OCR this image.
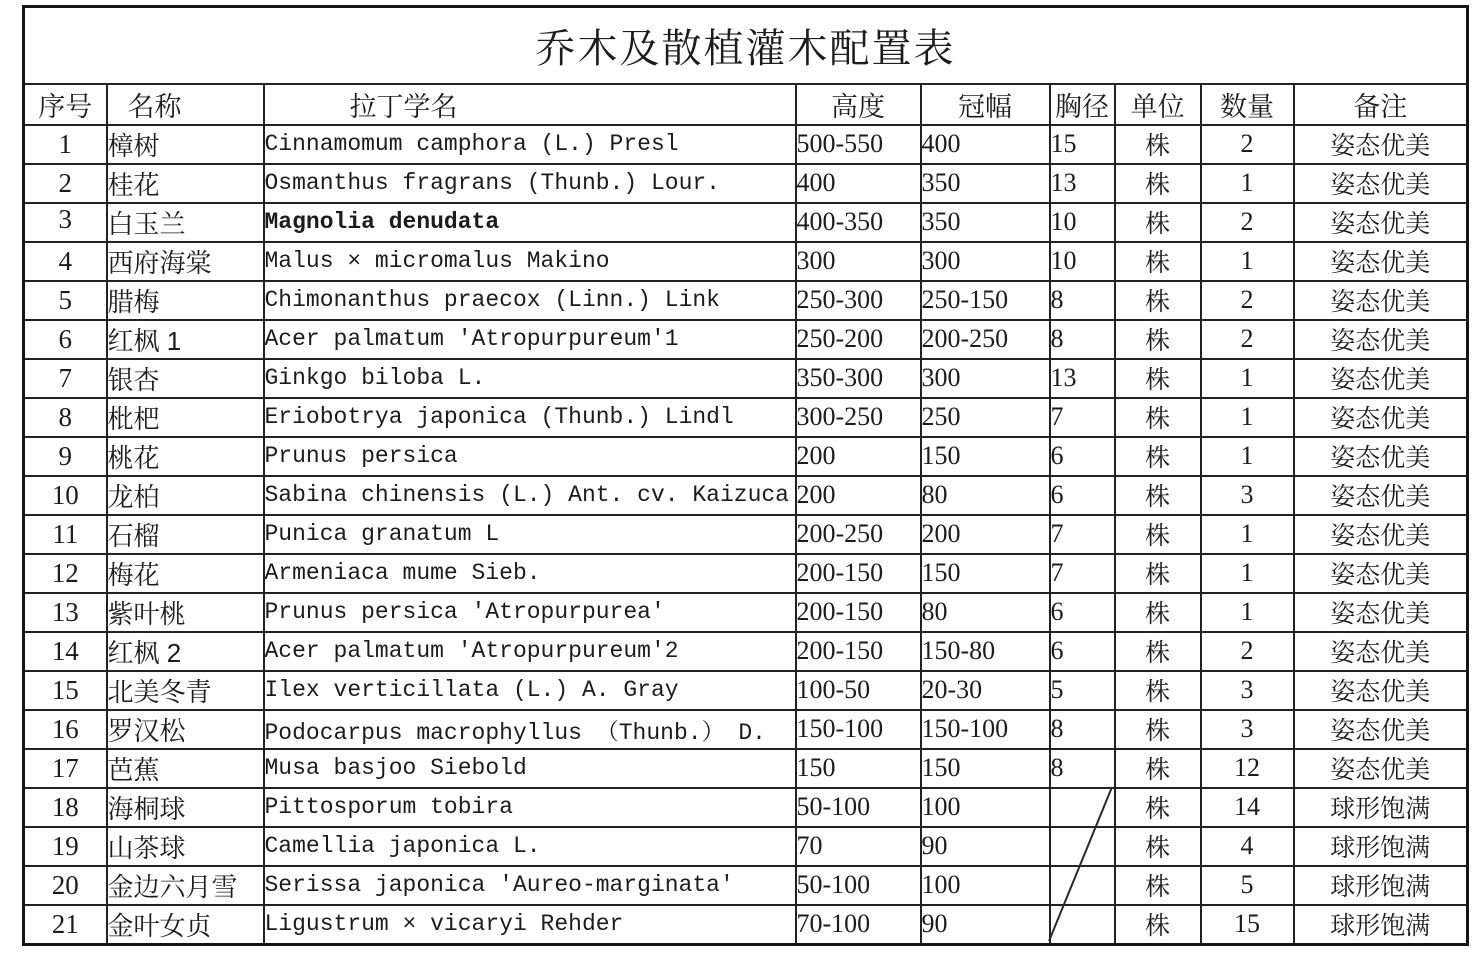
乔木及散植灌木配置表								
序号	名称	拉丁学名	高度	冠幅	胸径	单位	数量	备注
1	樟树	Cinnamomum camphora (L.) Presl	500-550	400	15	株	2	姿态优美
2	桂花	Osmanthus fragrans (Thunb.) Lour.	400	350	13	株	1	姿态优美
3	白玉兰	Magnolia denudata	400-350	350	10	株	2	姿态优美
4	西府海棠	Malus × micromalus Makino	300	300	10	株	1	姿态优美
5	腊梅	Chimonanthus praecox (Linn.) Link	250-300	250-150	8	株	2	姿态优美
6	红枫 1	Acer palmatum 'Atropurpureum'1	250-200	200-250	8	株	2	姿态优美
7	银杏	Ginkgo biloba L.	350-300	300	13	株	1	姿态优美
8	枇杷	Eriobotrya japonica (Thunb.) Lindl	300-250	250	7	株	1	姿态优美
9	桃花	Prunus persica	200	150	6	株	1	姿态优美
10	龙柏	Sabina chinensis (L.) Ant. cv. Kaizuca	200	80	6	株	3	姿态优美
11	石榴	Punica granatum L	200-250	200	7	株	1	姿态优美
12	梅花	Armeniaca mume Sieb.	200-150	150	7	株	1	姿态优美
13	紫叶桃	Prunus persica 'Atropurpurea'	200-150	80	6	株	1	姿态优美
14	红枫 2	Acer palmatum 'Atropurpureum'2	200-150	150-80	6	株	2	姿态优美
15	北美冬青	Ilex verticillata (L.) A. Gray	100-50	20-30	5	株	3	姿态优美
16	罗汉松	Podocarpus macrophyllus （Thunb.） D.	150-100	150-100	8	株	3	姿态优美
17	芭蕉	Musa basjoo Siebold	150	150	8	株	12	姿态优美
18	海桐球	Pittosporum tobira	50-100	100		株	14	球形饱满
19	山茶球	Camellia japonica L.	70	90		株	4	球形饱满
20	金边六月雪	Serissa japonica 'Aureo-marginata'	50-100	100		株	5	球形饱满
21	金叶女贞	Ligustrum × vicaryi Rehder	70-100	90		株	15	球形饱满
